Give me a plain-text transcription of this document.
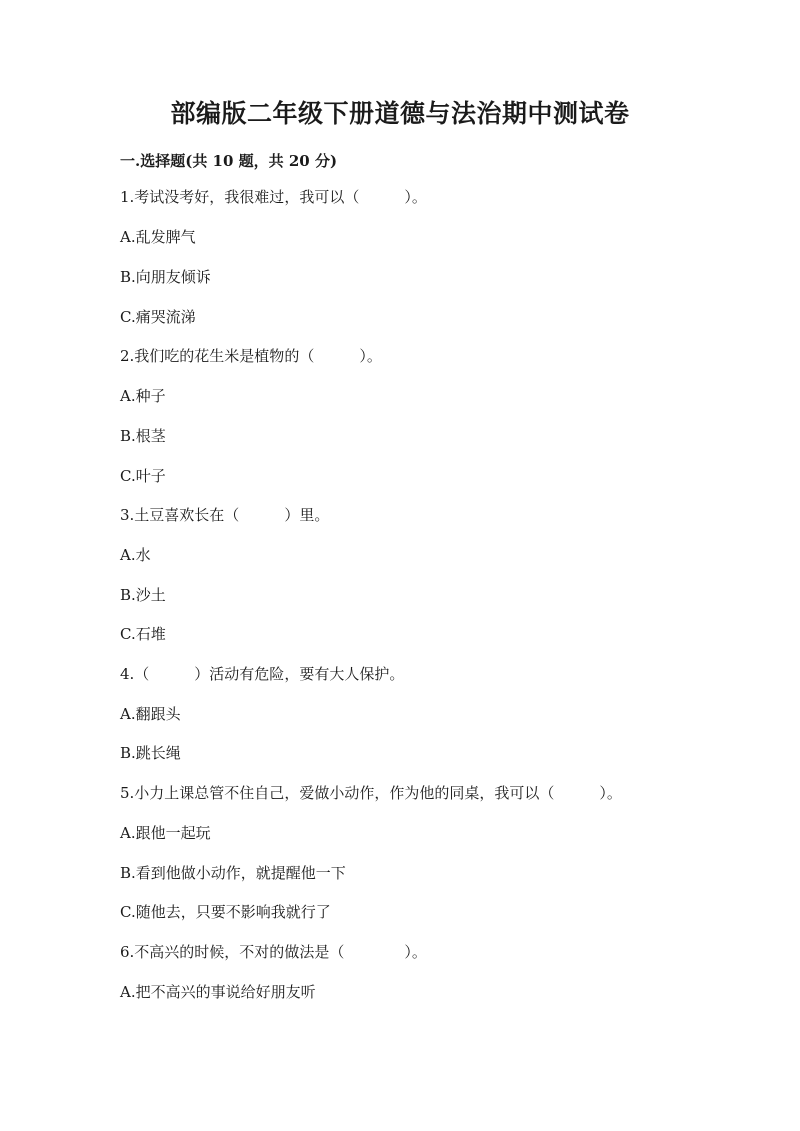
部编版二年级下册道德与法治期中测试卷
一.选择题(共 10 题，共 20 分)
1.考试没考好，我很难过，我可以（　　　）。
A.乱发脾气
B.向朋友倾诉
C.痛哭流涕
2.我们吃的花生米是植物的（　　　）。
A.种子
B.根茎
C.叶子
3.土豆喜欢长在（　　　）里。
A.水
B.沙土
C.石堆
4.（　　　）活动有危险，要有大人保护。
A.翻跟头
B.跳长绳
5.小力上课总管不住自己，爱做小动作，作为他的同桌，我可以（　　　）。
A.跟他一起玩
B.看到他做小动作，就提醒他一下
C.随他去，只要不影响我就行了
6.不高兴的时候，不对的做法是（　　　　）。
A.把不高兴的事说给好朋友听
